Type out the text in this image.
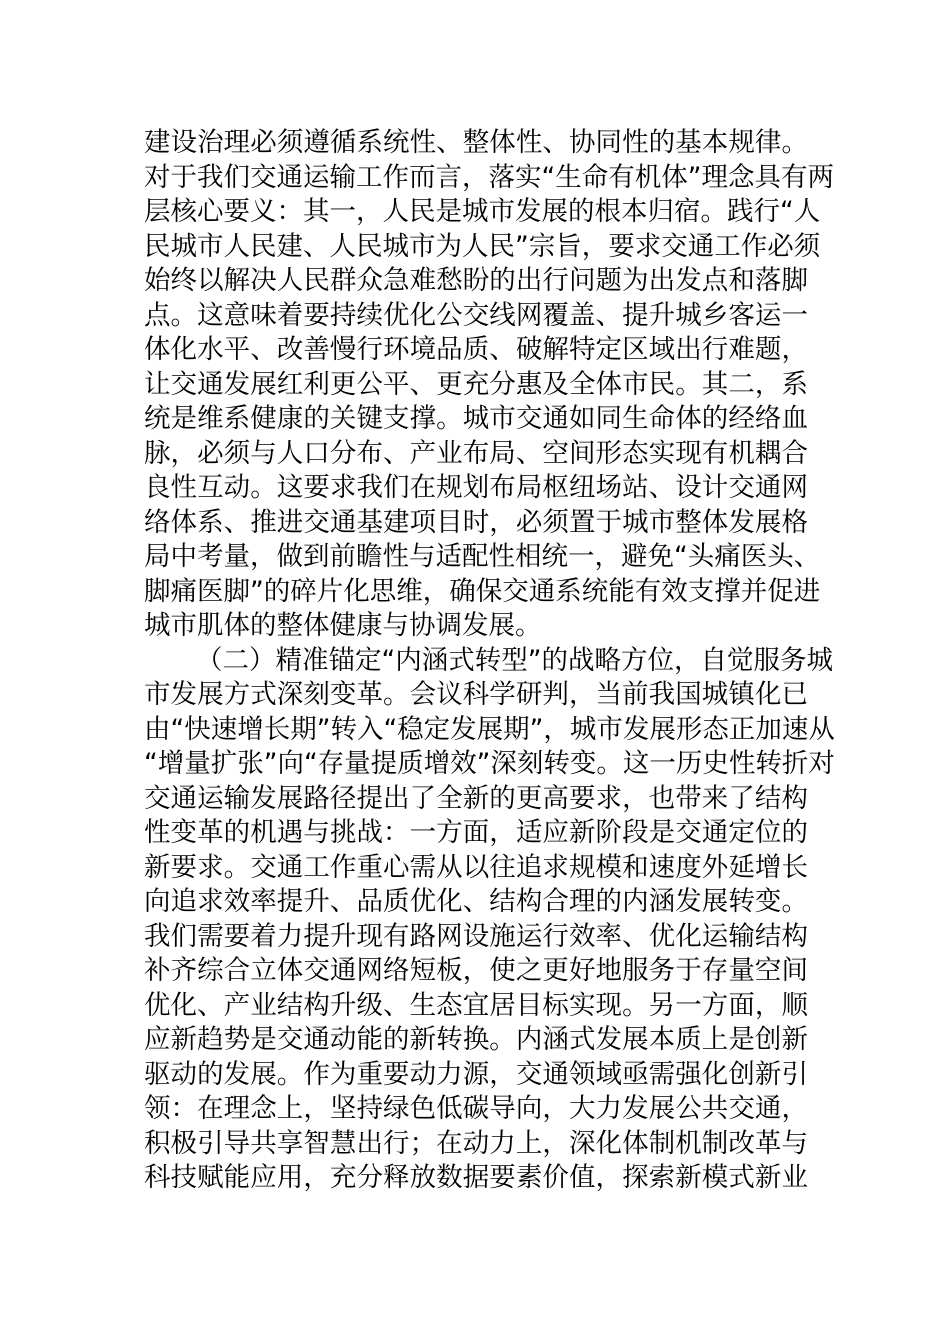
建设治理必须遵循系统性、整体性、协同性的基本规律。
对于我们交通运输工作而言，落实“生命有机体”理念具有两
层核心要义：其一，人民是城市发展的根本归宿。践行“人
民城市人民建、人民城市为人民”宗旨，要求交通工作必须
始终以解决人民群众急难愁盼的出行问题为出发点和落脚
点。这意味着要持续优化公交线网覆盖、提升城乡客运一
体化水平、改善慢行环境品质、破解特定区域出行难题，
让交通发展红利更公平、更充分惠及全体市民。其二，系
统是维系健康的关键支撑。城市交通如同生命体的经络血
脉，必须与人口分布、产业布局、空间形态实现有机耦合
良性互动。这要求我们在规划布局枢纽场站、设计交通网
络体系、推进交通基建项目时，必须置于城市整体发展格
局中考量，做到前瞻性与适配性相统一，避免“头痛医头、
脚痛医脚”的碎片化思维，确保交通系统能有效支撑并促进
城市肌体的整体健康与协调发展。
（二）精准锚定“内涵式转型”的战略方位，自觉服务城
市发展方式深刻变革。会议科学研判，当前我国城镇化已
由“快速增长期”转入“稳定发展期”，城市发展形态正加速从
“增量扩张”向“存量提质增效”深刻转变。这一历史性转折对
交通运输发展路径提出了全新的更高要求，也带来了结构
性变革的机遇与挑战：一方面，适应新阶段是交通定位的
新要求。交通工作重心需从以往追求规模和速度外延增长
向追求效率提升、品质优化、结构合理的内涵发展转变。
我们需要着力提升现有路网设施运行效率、优化运输结构
补齐综合立体交通网络短板，使之更好地服务于存量空间
优化、产业结构升级、生态宜居目标实现。另一方面，顺
应新趋势是交通动能的新转换。内涵式发展本质上是创新
驱动的发展。作为重要动力源，交通领域亟需强化创新引
领：在理念上，坚持绿色低碳导向，大力发展公共交通，
积极引导共享智慧出行；在动力上，深化体制机制改革与
科技赋能应用，充分释放数据要素价值，探索新模式新业
